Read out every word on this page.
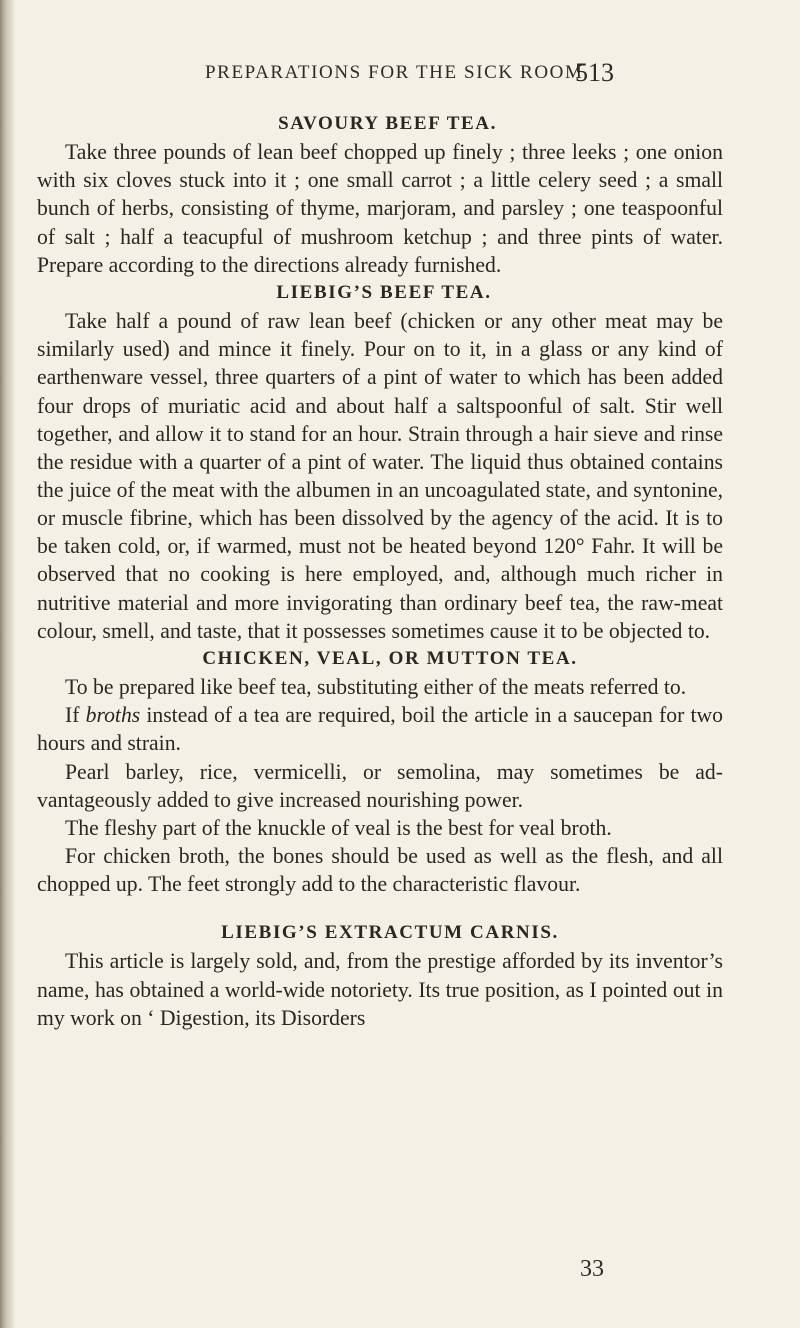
PREPARATIONS FOR THE SICK ROOM.
513
SAVOURY BEEF TEA.

Take three pounds of lean beef chopped up finely ; three leeks ; one onion with six cloves stuck into it ; one small carrot ; a little celery seed ; a small bunch of herbs, consisting of thyme, marjoram, and parsley ; one teaspoonful of salt ; half a teacupful of mushroom ketchup ; and three pints of water. Prepare according to the directions already furnished.

LIEBIG’S BEEF TEA.

Take half a pound of raw lean beef (chicken or any other meat may be similarly used) and mince it finely. Pour on to it, in a glass or any kind of earthenware vessel, three quarters of a pint of water to which has been added four drops of muriatic acid and about half a saltspoonful of salt. Stir well together, and allow it to stand for an hour. Strain through a hair sieve and rinse the residue with a quarter of a pint of water. The liquid thus obtained contains the juice of the meat with the albumen in an uncoagulated state, and syntonine, or muscle fibrine, which has been dissolved by the agency of the acid. It is to be taken cold, or, if warmed, must not be heated beyond 120° Fahr. It will be observed that no cooking is here employed, and, although much richer in nutritive material and more invigorating than ordinary beef tea, the raw-meat colour, smell, and taste, that it possesses sometimes cause it to be objected to.

CHICKEN, VEAL, OR MUTTON TEA.

To be prepared like beef tea, substituting either of the meats referred to.

If broths instead of a tea are required, boil the article in a saucepan for two hours and strain.

Pearl barley, rice, vermicelli, or semolina, may sometimes be advantageously added to give increased nourishing power.

The fleshy part of the knuckle of veal is the best for veal broth.

For chicken broth, the bones should be used as well as the flesh, and all chopped up. The feet strongly add to the characteristic flavour.

LIEBIG’S EXTRACTUM CARNIS.

This article is largely sold, and, from the prestige afforded by its inventor’s name, has obtained a world-wide notoriety. Its true position, as I pointed out in my work on ‘ Digestion, its Disorders

33
